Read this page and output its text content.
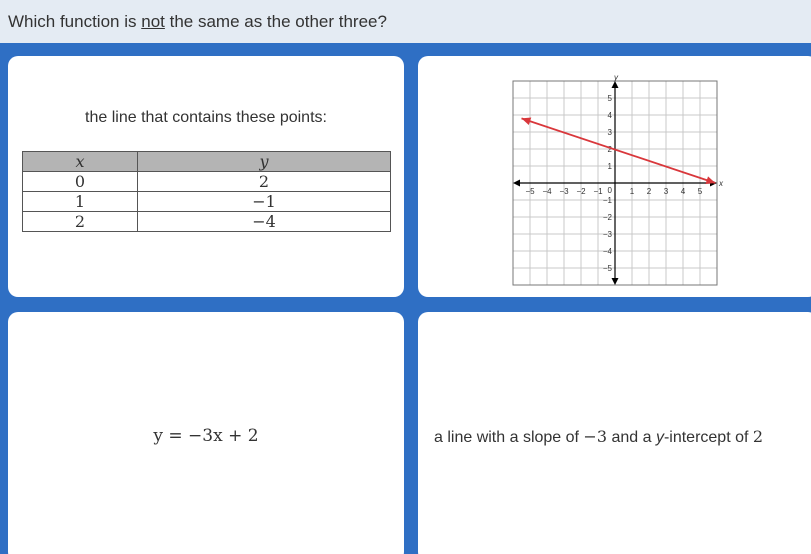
Which function is not the same as the other three?
the line that contains these points:
x	y
0	2
1	−1
2	−4
−5 −4 −3 −2 −1	1 2 3 4 5
5
4
3
2
1
−1
−2
−3
−4
−5
0
x
y
y = −3x + 2	a line with a slope of −3 and a y-intercept of 2
